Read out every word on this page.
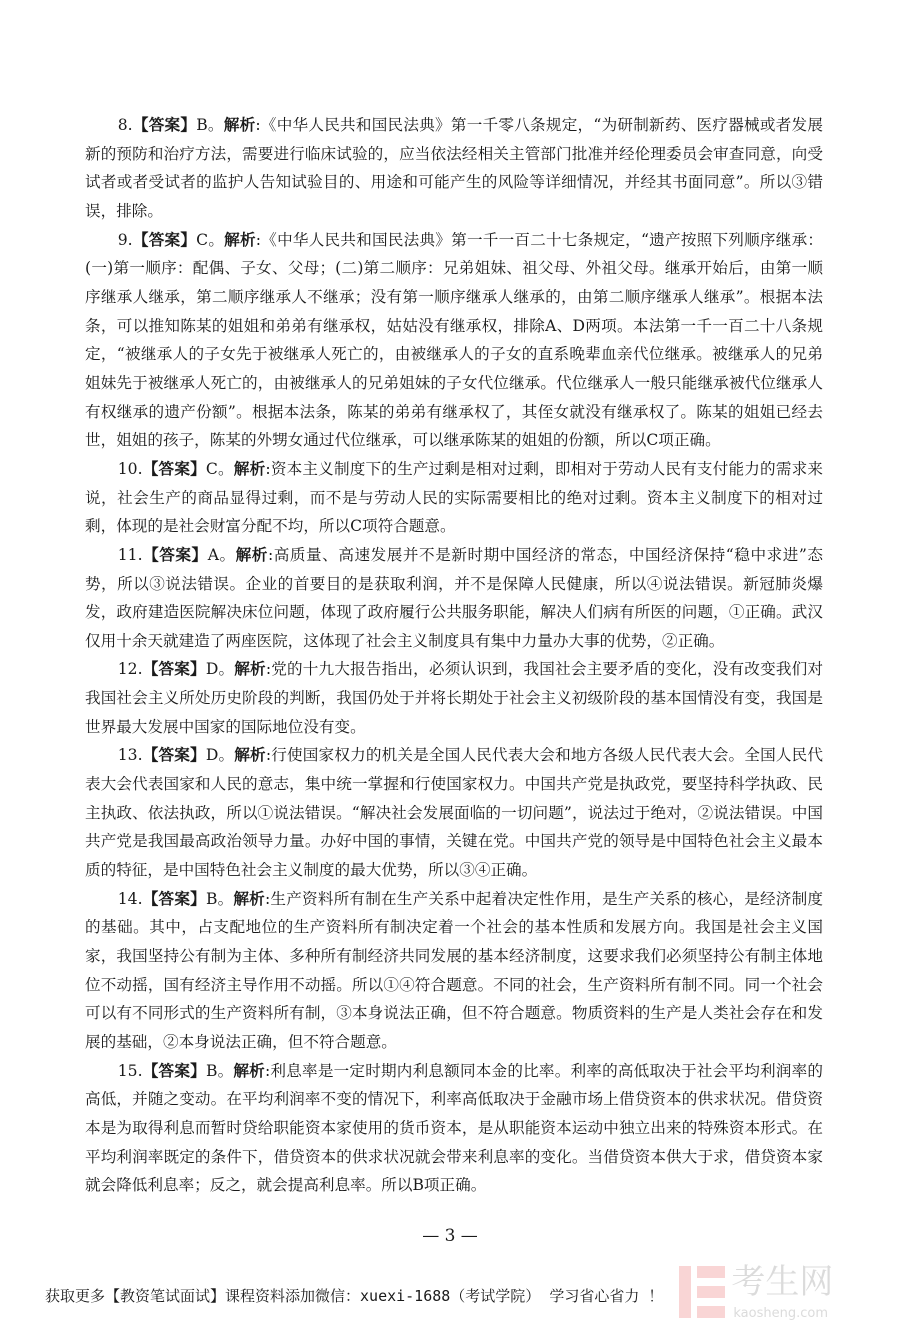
8.【答案】B。解析:《中华人民共和国民法典》第一千零八条规定，“为研制新药、医疗器械或者发展新的预防和治疗方法，需要进行临床试验的，应当依法经相关主管部门批准并经伦理委员会审查同意，向受试者或者受试者的监护人告知试验目的、用途和可能产生的风险等详细情况，并经其书面同意”。所以③错误，排除。

9.【答案】C。解析:《中华人民共和国民法典》第一千一百二十七条规定，“遗产按照下列顺序继承：(一)第一顺序：配偶、子女、父母；(二)第二顺序：兄弟姐妹、祖父母、外祖父母。继承开始后，由第一顺序继承人继承，第二顺序继承人不继承；没有第一顺序继承人继承的，由第二顺序继承人继承”。根据本法条，可以推知陈某的姐姐和弟弟有继承权，姑姑没有继承权，排除A、D两项。本法第一千一百二十八条规定，“被继承人的子女先于被继承人死亡的，由被继承人的子女的直系晚辈血亲代位继承。被继承人的兄弟姐妹先于被继承人死亡的，由被继承人的兄弟姐妹的子女代位继承。代位继承人一般只能继承被代位继承人有权继承的遗产份额”。根据本法条，陈某的弟弟有继承权了，其侄女就没有继承权了。陈某的姐姐已经去世，姐姐的孩子，陈某的外甥女通过代位继承，可以继承陈某的姐姐的份额，所以C项正确。

10.【答案】C。解析:资本主义制度下的生产过剩是相对过剩，即相对于劳动人民有支付能力的需求来说，社会生产的商品显得过剩，而不是与劳动人民的实际需要相比的绝对过剩。资本主义制度下的相对过剩，体现的是社会财富分配不均，所以C项符合题意。

11.【答案】A。解析:高质量、高速发展并不是新时期中国经济的常态，中国经济保持“稳中求进”态势，所以③说法错误。企业的首要目的是获取利润，并不是保障人民健康，所以④说法错误。新冠肺炎爆发，政府建造医院解决床位问题，体现了政府履行公共服务职能，解决人们病有所医的问题，①正确。武汉仅用十余天就建造了两座医院，这体现了社会主义制度具有集中力量办大事的优势，②正确。

12.【答案】D。解析:党的十九大报告指出，必须认识到，我国社会主要矛盾的变化，没有改变我们对我国社会主义所处历史阶段的判断，我国仍处于并将长期处于社会主义初级阶段的基本国情没有变，我国是世界最大发展中国家的国际地位没有变。

13.【答案】D。解析:行使国家权力的机关是全国人民代表大会和地方各级人民代表大会。全国人民代表大会代表国家和人民的意志，集中统一掌握和行使国家权力。中国共产党是执政党，要坚持科学执政、民主执政、依法执政，所以①说法错误。“解决社会发展面临的一切问题”，说法过于绝对，②说法错误。中国共产党是我国最高政治领导力量。办好中国的事情，关键在党。中国共产党的领导是中国特色社会主义最本质的特征，是中国特色社会主义制度的最大优势，所以③④正确。

14.【答案】B。解析:生产资料所有制在生产关系中起着决定性作用，是生产关系的核心，是经济制度的基础。其中，占支配地位的生产资料所有制决定着一个社会的基本性质和发展方向。我国是社会主义国家，我国坚持公有制为主体、多种所有制经济共同发展的基本经济制度，这要求我们必须坚持公有制主体地位不动摇，国有经济主导作用不动摇。所以①④符合题意。不同的社会，生产资料所有制不同。同一个社会可以有不同形式的生产资料所有制，③本身说法正确，但不符合题意。物质资料的生产是人类社会存在和发展的基础，②本身说法正确，但不符合题意。

15.【答案】B。解析:利息率是一定时期内利息额同本金的比率。利率的高低取决于社会平均利润率的高低，并随之变动。在平均利润率不变的情况下，利率高低取决于金融市场上借贷资本的供求状况。借贷资本是为取得利息而暂时贷给职能资本家使用的货币资本，是从职能资本运动中独立出来的特殊资本形式。在平均利润率既定的条件下，借贷资本的供求状况就会带来利息率的变化。当借贷资本供大于求，借贷资本家就会降低利息率；反之，就会提高利息率。所以B项正确。

— 3 —
获取更多【教资笔试面试】课程资料添加微信：xuexi-1688（考试学院） 学习省心省力 ！ 考生网
kaosheng.com
